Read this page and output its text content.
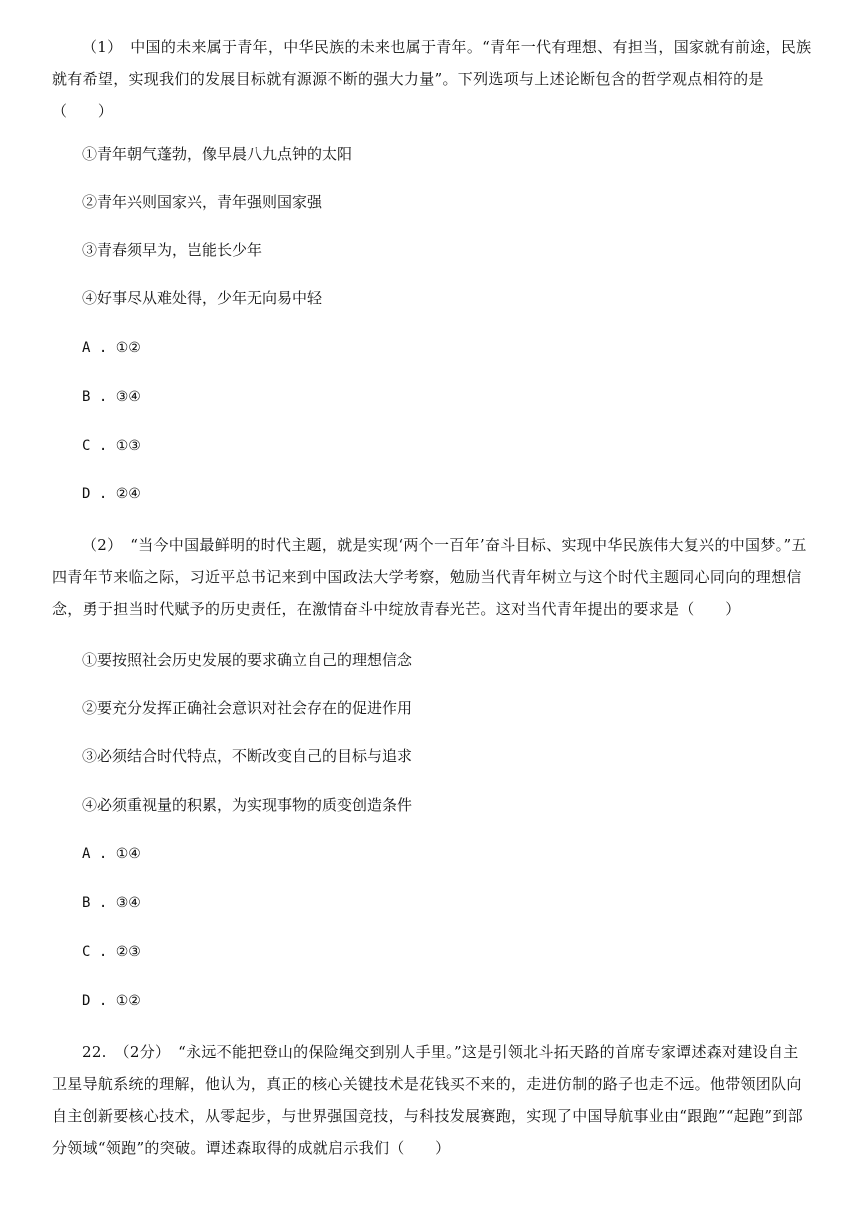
（1）　中国的未来属于青年，中华民族的未来也属于青年。“青年一代有理想、有担当，国家就有前途，民族就有希望，实现我们的发展目标就有源源不断的强大力量”。下列选项与上述论断包含的哲学观点相符的是（　　）

①青年朝气蓬勃，像早晨八九点钟的太阳

②青年兴则国家兴，青年强则国家强

③青春须早为，岂能长少年

④好事尽从难处得，少年无向易中轻

A . ①②

B . ③④

C . ①③

D . ②④

（2）　“当今中国最鲜明的时代主题，就是实现‘两个一百年’奋斗目标、实现中华民族伟大复兴的中国梦。”五四青年节来临之际，习近平总书记来到中国政法大学考察，勉励当代青年树立与这个时代主题同心同向的理想信念，勇于担当时代赋予的历史责任，在激情奋斗中绽放青春光芒。这对当代青年提出的要求是（　　）

①要按照社会历史发展的要求确立自己的理想信念

②要充分发挥正确社会意识对社会存在的促进作用

③必须结合时代特点，不断改变自己的目标与追求

④必须重视量的积累，为实现事物的质变创造条件

A . ①④

B . ③④

C . ②③

D . ①②

22.　（2分）　“永远不能把登山的保险绳交到别人手里。”这是引领北斗拓天路的首席专家谭述森对建设自主卫星导航系统的理解，他认为，真正的核心关键技术是花钱买不来的，走进仿制的路子也走不远。他带领团队向自主创新要核心技术，从零起步，与世界强国竞技，与科技发展赛跑，实现了中国导航事业由“跟跑”“起跑”到部分领域“领跑”的突破。谭述森取得的成就启示我们（　　）
